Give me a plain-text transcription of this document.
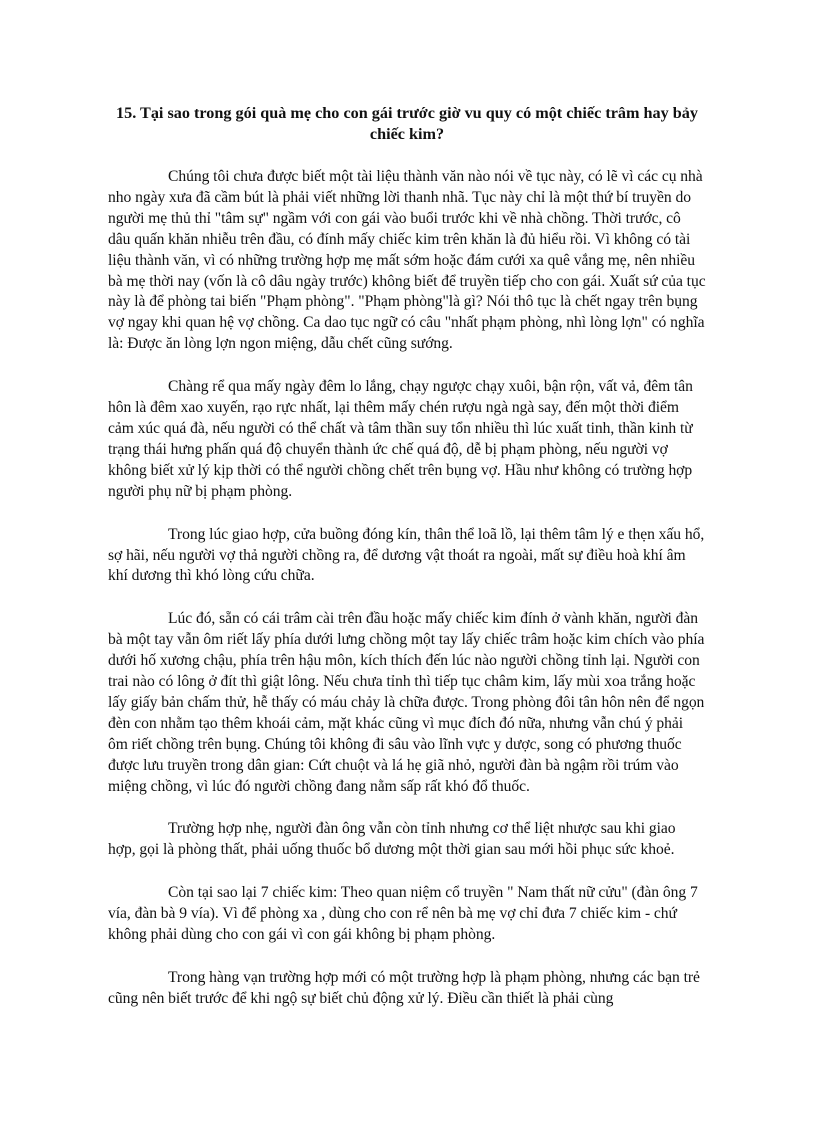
15. Tại sao trong gói quà mẹ cho con gái trước giờ vu quy có một chiếc trâm hay bảy chiếc kim?

Chúng tôi chưa được biết một tài liệu thành văn nào nói về tục này, có lẽ vì các cụ nhà nho ngày xưa đã cầm bút là phải viết những lời thanh nhã. Tục này chỉ là một thứ bí truyền do người mẹ thủ thỉ "tâm sự" ngầm với con gái vào buổi trước khi về nhà chồng. Thời trước, cô dâu quấn khăn nhiễu trên đầu, có đính mấy chiếc kim trên khăn là đủ hiểu rồi. Vì không có tài liệu thành văn, vì có những trường hợp mẹ mất sớm hoặc đám cưới xa quê vắng mẹ, nên nhiều bà mẹ thời nay (vốn là cô dâu ngày trước) không biết để truyền tiếp cho con gái. Xuất sứ của tục này là để phòng tai biến "Phạm phòng". "Phạm phòng"là gì? Nói thô tục là chết ngay trên bụng vợ ngay khi quan hệ vợ chồng. Ca dao tục ngữ có câu "nhất phạm phòng, nhì lòng lợn" có nghĩa là: Được ăn lòng lợn ngon miệng, dẫu chết cũng sướng.

Chàng rể qua mấy ngày đêm lo lắng, chạy ngược chạy xuôi, bận rộn, vất vả, đêm tân hôn là đêm xao xuyến, rạo rực nhất, lại thêm mấy chén rượu ngà ngà say, đến một thời điểm cảm xúc quá đà, nếu người có thể chất và tâm thần suy tổn nhiều thì lúc xuất tinh, thần kinh từ trạng thái hưng phấn quá độ chuyển thành ức chế quá độ, dễ bị phạm phòng, nếu người vợ không biết xử lý kịp thời có thể người chồng chết trên bụng vợ. Hầu như không có trường hợp người phụ nữ bị phạm phòng.

Trong lúc giao hợp, cửa buồng đóng kín, thân thể loã lồ, lại thêm tâm lý e thẹn xấu hổ, sợ hãi, nếu người vợ thả người chồng ra, để dương vật thoát ra ngoài, mất sự điều hoà khí âm khí dương thì khó lòng cứu chữa.

Lúc đó, sẵn có cái trâm cài trên đầu hoặc mấy chiếc kim đính ở vành khăn, người đàn bà một tay vẫn ôm riết lấy phía dưới lưng chồng một tay lấy chiếc trâm hoặc kim chích vào phía dưới hố xương chậu, phía trên hậu môn, kích thích đến lúc nào người chồng tỉnh lại. Người con trai nào có lông ở đít thì giật lông. Nếu chưa tỉnh thì tiếp tục châm kim, lấy mùi xoa trắng hoặc lấy giấy bản chấm thử, hễ thấy có máu chảy là chữa được. Trong phòng đôi tân hôn nên để ngọn đèn con nhằm tạo thêm khoái cảm, mặt khác cũng vì mục đích đó nữa, nhưng vẫn chú ý phải ôm riết chồng trên bụng. Chúng tôi không đi sâu vào lĩnh vực y dược, song có phương thuốc được lưu truyền trong dân gian: Cứt chuột và lá hẹ giã nhỏ, người đàn bà ngậm rồi trúm vào miệng chồng, vì lúc đó người chồng đang nằm sấp rất khó đổ thuốc.

Trường hợp nhẹ, người đàn ông vẫn còn tỉnh nhưng cơ thể liệt nhược sau khi giao hợp, gọi là phòng thất, phải uống thuốc bổ dương một thời gian sau mới hồi phục sức khoẻ.

Còn tại sao lại 7 chiếc kim: Theo quan niệm cổ truyền " Nam thất nữ cửu" (đàn ông 7 vía, đàn bà 9 vía). Vì để phòng xa , dùng cho con rể nên bà mẹ vợ chỉ đưa 7 chiếc kim - chứ không phải dùng cho con gái vì con gái không bị phạm phòng.

Trong hàng vạn trường hợp mới có một trường hợp là phạm phòng, nhưng các bạn trẻ cũng nên biết trước để khi ngộ sự biết chủ động xử lý. Điều cần thiết là phải cùng
